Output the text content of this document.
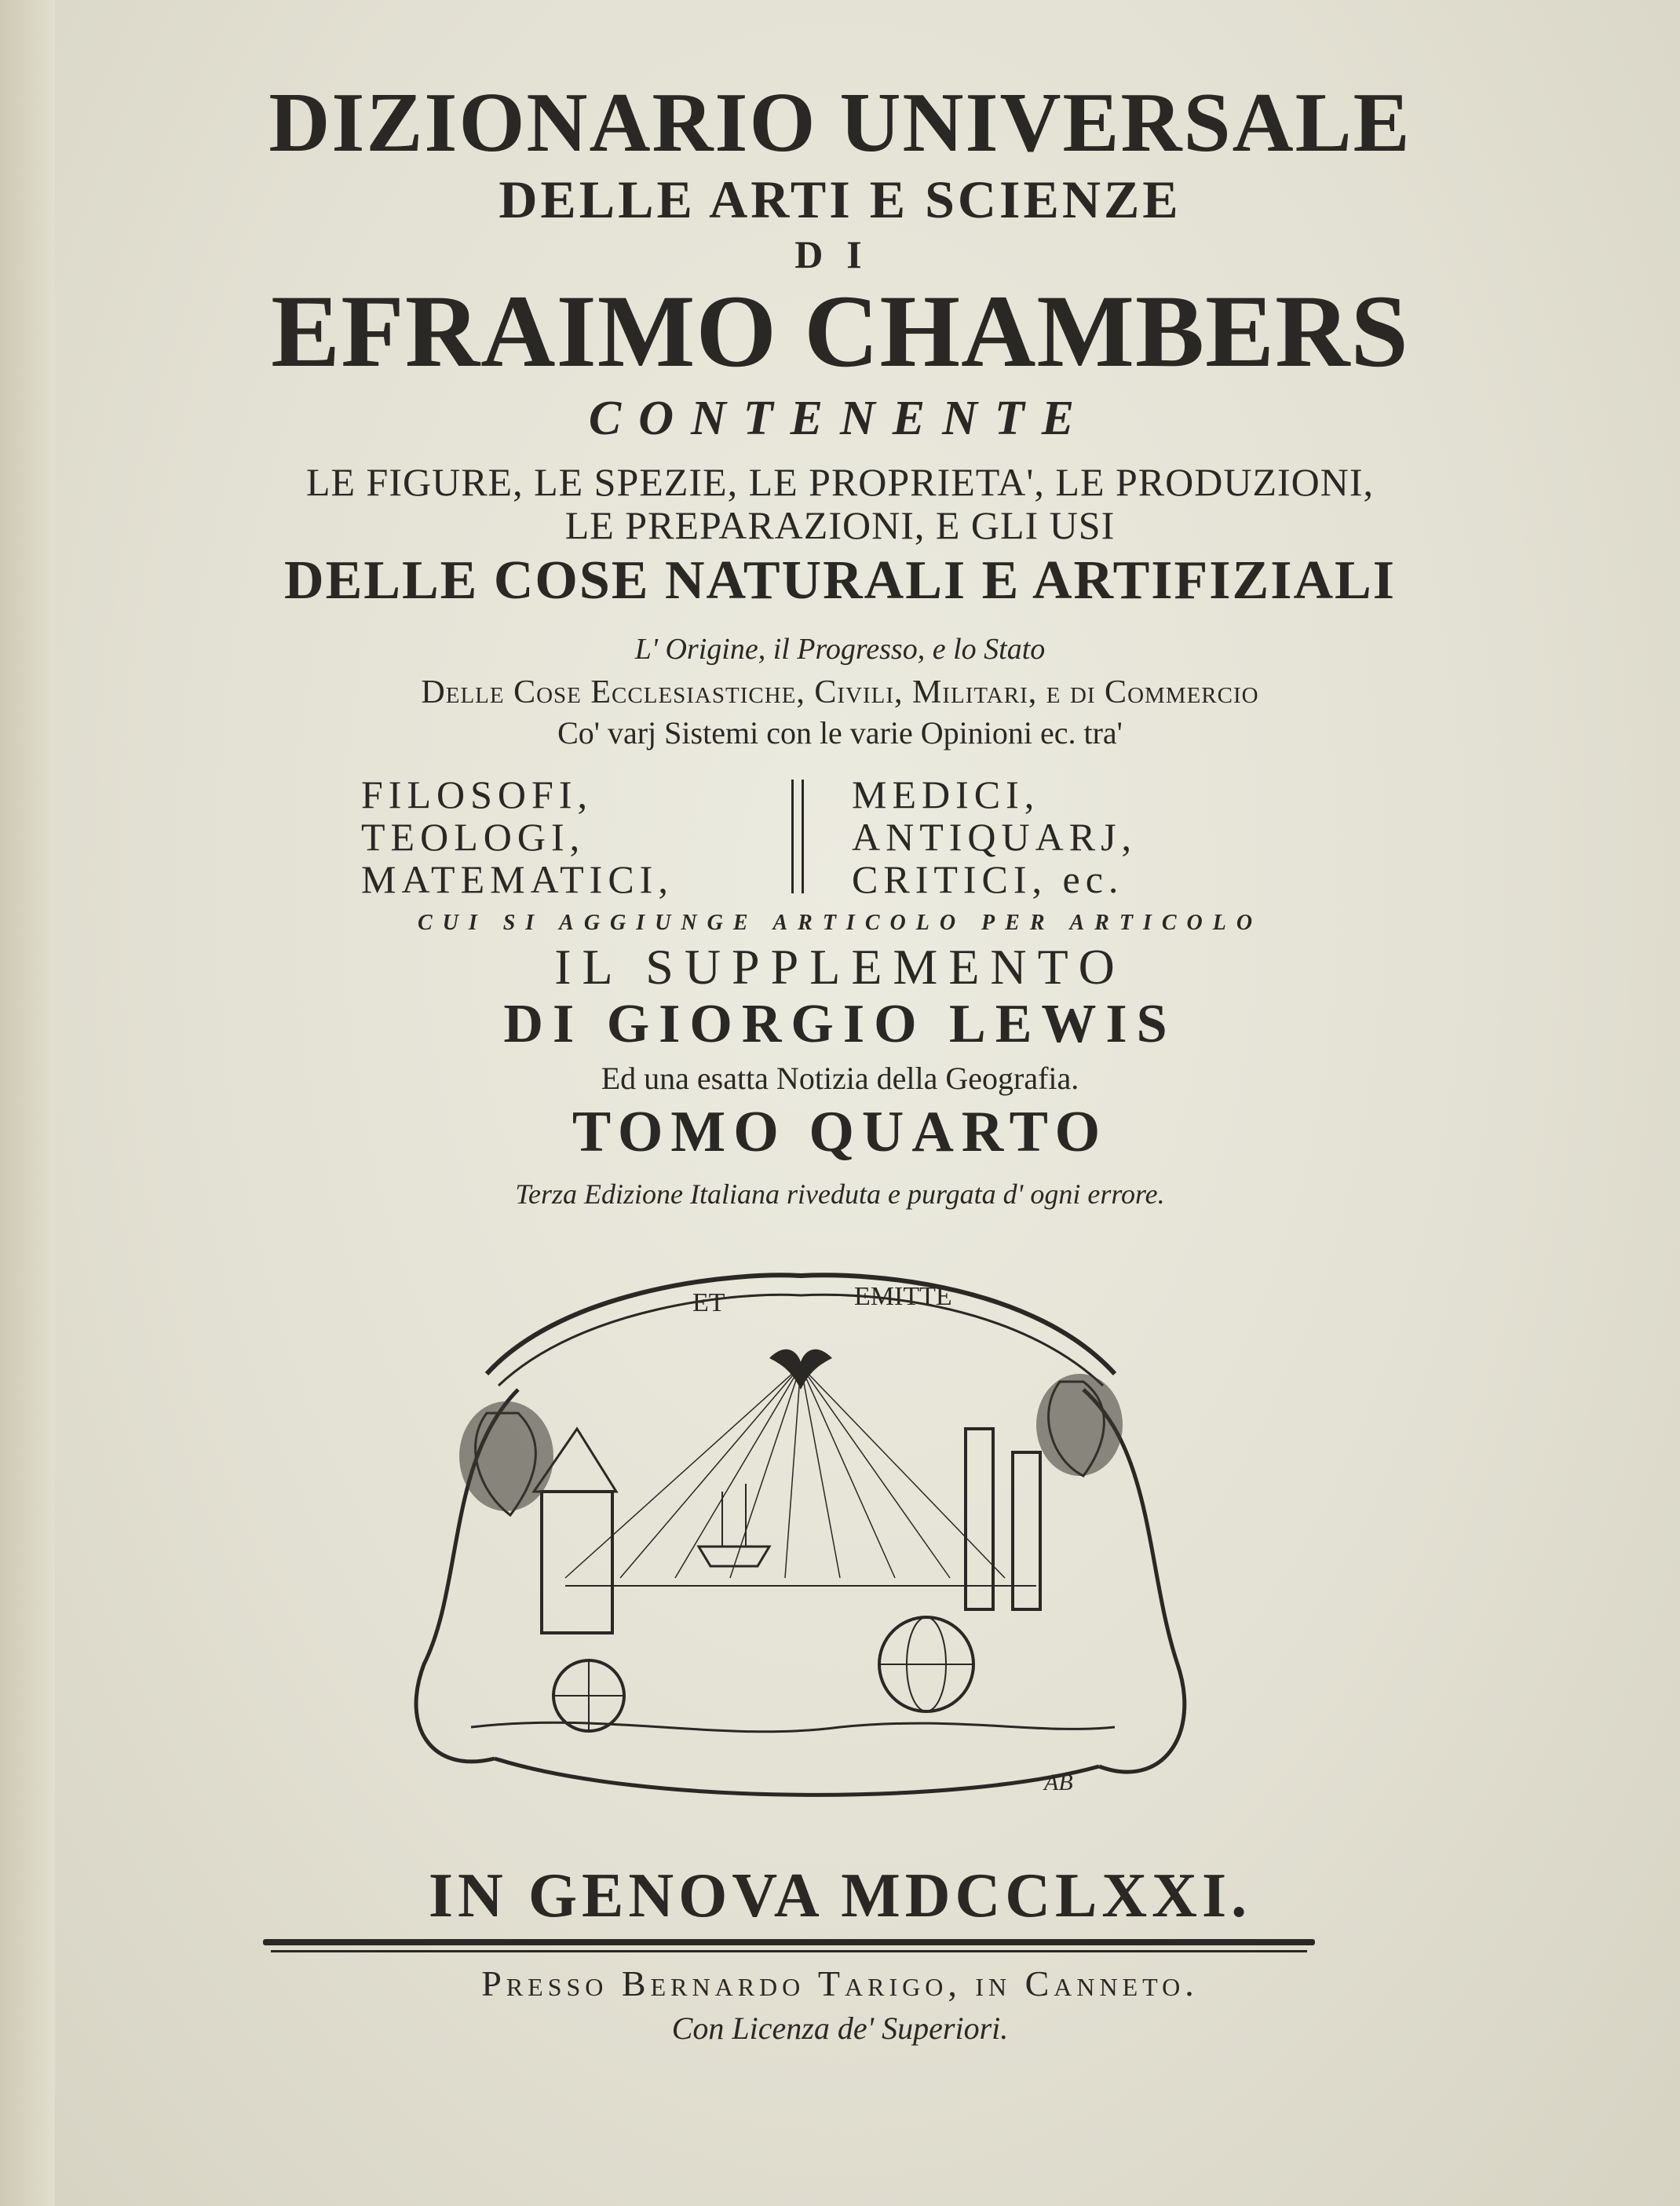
DIZIONARIO UNIVERSALE
DELLE ARTI E SCIENZE
DI
EFRAIMO CHAMBERS
CONTENENTE
LE FIGURE, LE SPEZIE, LE PROPRIETA', LE PRODUZIONI,
LE PREPARAZIONI, E GLI USI
DELLE COSE NATURALI E ARTIFIZIALI
L' Origine, il Progresso, e lo Stato
Delle Cose Ecclesiastiche, Civili, Militari, e di Commercio
Co' varj Sistemi con le varie Opinioni ec. tra'
FILOSOFI,
TEOLOGI,
MATEMATICI,
MEDICI,
ANTIQUARJ,
CRITICI, ec.
CUI SI AGGIUNGE ARTICOLO PER ARTICOLO
IL SUPPLEMENTO
DI GIORGIO LEWIS
Ed una esatta Notizia della Geografia.
TOMO QUARTO
Terza Edizione Italiana riveduta e purgata d' ogni errore.
ET	EMITTE
AB
IN GENOVA MDCCLXXI.
Presso Bernardo Tarigo, in Canneto.
Con Licenza de' Superiori.
